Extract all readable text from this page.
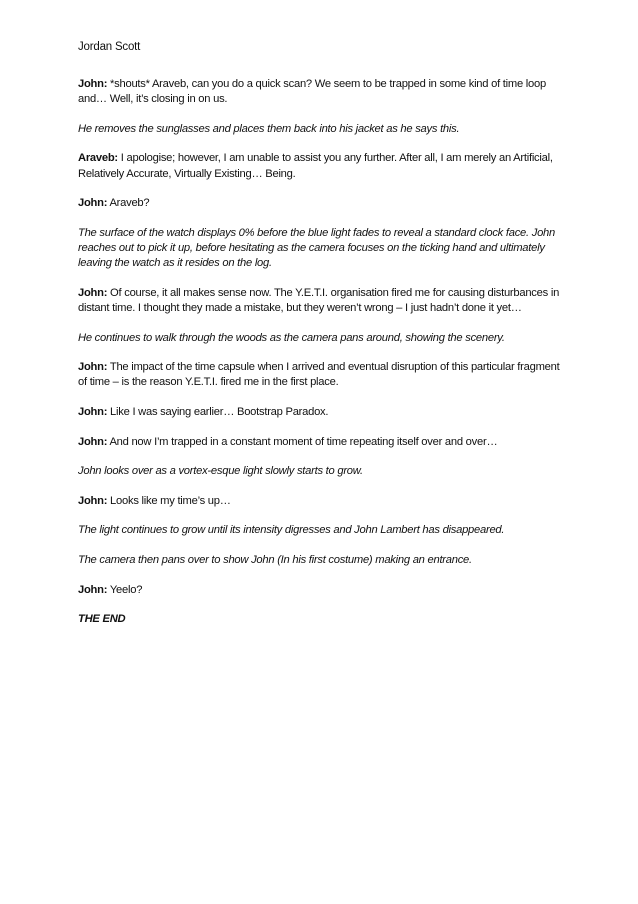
Jordan Scott

John: *shouts* Araveb, can you do a quick scan? We seem to be trapped in some kind of time loop and… Well, it’s closing in on us.

He removes the sunglasses and places them back into his jacket as he says this.

Araveb: I apologise; however, I am unable to assist you any further. After all, I am merely an Artificial, Relatively Accurate, Virtually Existing… Being.

John: Araveb?

The surface of the watch displays 0% before the blue light fades to reveal a standard clock face. John reaches out to pick it up, before hesitating as the camera focuses on the ticking hand and ultimately leaving the watch as it resides on the log.

John: Of course, it all makes sense now. The Y.E.T.I. organisation fired me for causing disturbances in distant time. I thought they made a mistake, but they weren’t wrong – I just hadn’t done it yet…

He continues to walk through the woods as the camera pans around, showing the scenery.

John: The impact of the time capsule when I arrived and eventual disruption of this particular fragment of time – is the reason Y.E.T.I. fired me in the first place.

John: Like I was saying earlier… Bootstrap Paradox.

John: And now I’m trapped in a constant moment of time repeating itself over and over…

John looks over as a vortex-esque light slowly starts to grow.

John: Looks like my time’s up…

The light continues to grow until its intensity digresses and John Lambert has disappeared.

The camera then pans over to show John (In his first costume) making an entrance.

John: Yeelo?

THE END
